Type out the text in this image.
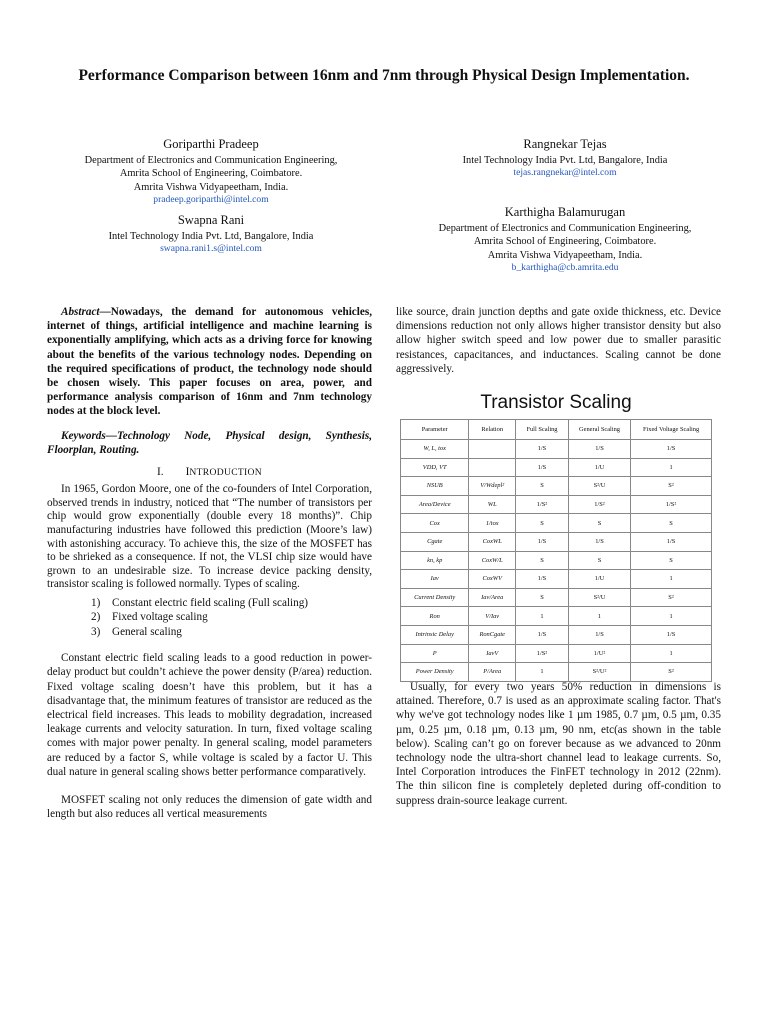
Performance Comparison between 16nm and 7nm through Physical Design Implementation.
Goriparthi Pradeep
Department of Electronics and Communication Engineering,
Amrita School of Engineering, Coimbatore.
Amrita Vishwa Vidyapeetham, India.
pradeep.goriparthi@intel.com
Rangnekar Tejas
Intel Technology India Pvt. Ltd, Bangalore, India
tejas.rangnekar@intel.com
Swapna Rani
Intel Technology India Pvt. Ltd, Bangalore, India
swapna.rani1.s@intel.com
Karthigha Balamurugan
Department of Electronics and Communication Engineering,
Amrita School of Engineering, Coimbatore.
Amrita Vishwa Vidyapeetham, India.
b_karthigha@cb.amrita.edu

Abstract—Nowadays, the demand for autonomous vehicles, internet of things, artificial intelligence and machine learning is exponentially amplifying, which acts as a driving force for knowing about the benefits of the various technology nodes. Depending on the required specifications of product, the technology node should be chosen wisely. This paper focuses on area, power, and performance analysis comparison of 16nm and 7nm technology nodes at the block level.

Keywords—Technology Node, Physical design, Synthesis, Floorplan, Routing.

I. INTRODUCTION

In 1965, Gordon Moore, one of the co-founders of Intel Corporation, observed trends in industry, noticed that “The number of transistors per chip would grow exponentially (double every 18 months)”. Chip manufacturing industries have followed this prediction (Moore’s law) with astonishing accuracy. To achieve this, the size of the MOSFET has to be shrieked as a consequence. If not, the VLSI chip size would have grown to an undesirable size. To increase device packing density, transistor scaling is followed normally. Types of scaling.

1)	Constant electric field scaling (Full scaling)
2)	Fixed voltage scaling
3)	General scaling

Constant electric field scaling leads to a good reduction in power-delay product but couldn’t achieve the power density (P/area) reduction. Fixed voltage scaling doesn’t have this problem, but it has a disadvantage that, the minimum features of transistor are reduced as the electrical field increases. This leads to mobility degradation, increased leakage currents and velocity saturation. In turn, fixed voltage scaling comes with major power penalty. In general scaling, model parameters are reduced by a factor S, while voltage is scaled by a factor U. This dual nature in general scaling shows better performance comparatively.

MOSFET scaling not only reduces the dimension of gate width and length but also reduces all vertical measurements

like source, drain junction depths and gate oxide thickness, etc. Device dimensions reduction not only allows higher transistor density but also allow higher switch speed and low power due to smaller parasitic resistances, capacitances, and inductances. Scaling cannot be done aggressively.

Transistor Scaling
Parameter	Relation	Full Scaling	General Scaling	Fixed Voltage Scaling
W, L, tox		1/S	1/S	1/S
VDD, VT		1/S	1/U	1
NSUB	V/Wdepl²	S	S²/U	S²
Area/Device	WL	1/S²	1/S²	1/S²
Cox	1/tox	S	S	S
Cgate	CoxWL	1/S	1/S	1/S
kn, kp	CoxW/L	S	S	S
Iav	CoxWV	1/S	1/U	1
Current Density	Iav/Area	S	S²/U	S²
Ron	V/Iav	1	1	1
Intrinsic Delay	RonCgate	1/S	1/S	1/S
P	IavV	1/S²	1/U²	1
Power Density	P/Area	1	S²/U²	S²

Usually, for every two years 50% reduction in dimensions is attained. Therefore, 0.7 is used as an approximate scaling factor. That's why we've got technology nodes like 1 µm 1985, 0.7 µm, 0.5 µm, 0.35 µm, 0.25 µm, 0.18 µm, 0.13 µm, 90 nm, etc(as shown in the table below). Scaling can’t go on forever because as we advanced to 20nm technology node the ultra-short channel lead to leakage currents. So, Intel Corporation introduces the FinFET technology in 2012 (22nm). The thin silicon fine is completely depleted during off-condition to suppress drain-source leakage current.
